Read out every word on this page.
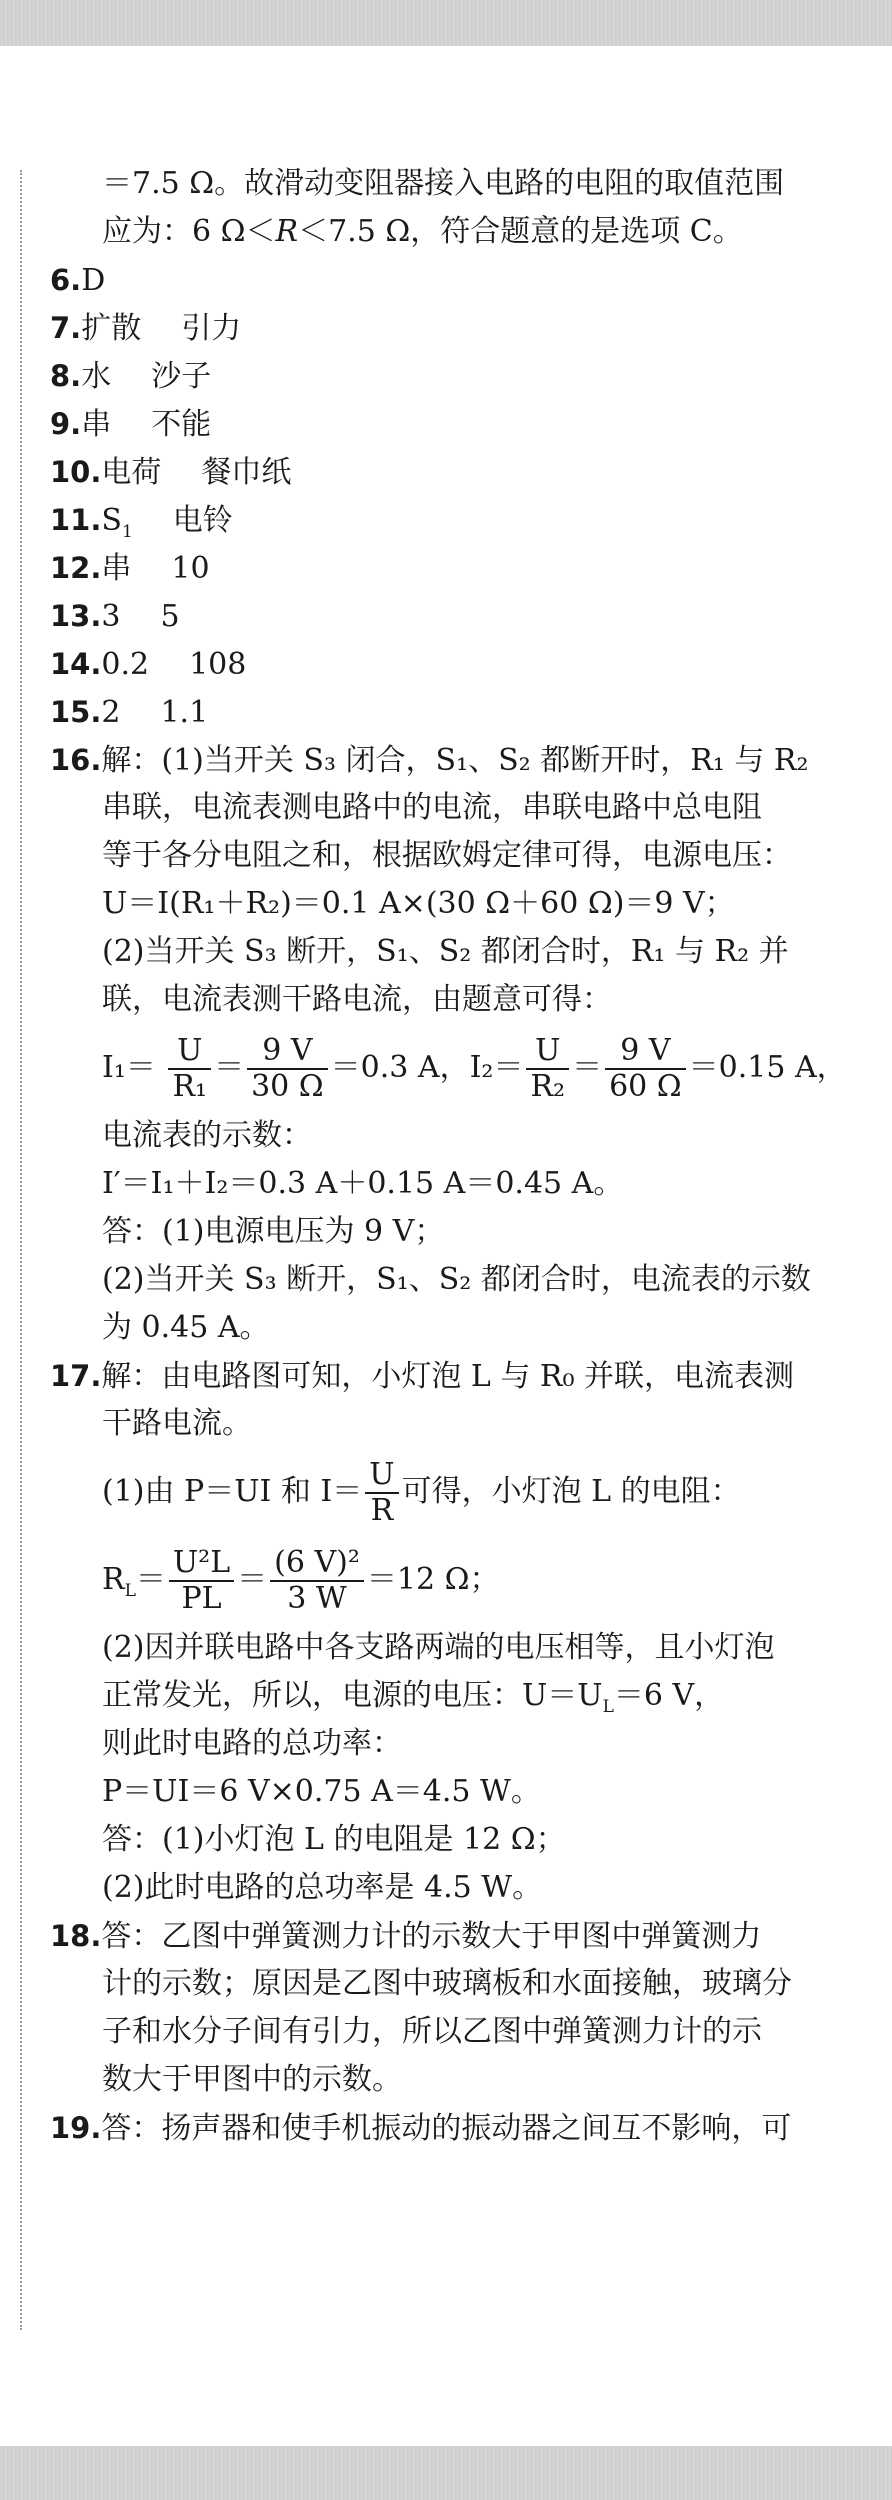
＝7.5 Ω。故滑动变阻器接入电路的电阻的取值范围
应为：6 Ω＜R＜7.5 Ω，符合题意的是选项 C。
6.D
7.扩散 引力
8.水 沙子
9.串 不能
10.电荷 餐巾纸
$11.S_1$ 电铃
12.串 10
13.3 5
14.0.2 108
15.2 1.1
16.解：(1)当开关 S₃ 闭合，S₁、S₂ 都断开时，R₁ 与 R₂
串联，电流表测电路中的电流，串联电路中总电阻
等于各分电阻之和，根据欧姆定律可得，电源电压：
U＝I(R₁＋R₂)＝0.1 A×(30 Ω＋60 Ω)＝9 V；
(2)当开关 S₃ 断开，S₁、S₂ 都闭合时，R₁ 与 R₂ 并
联，电流表测干路电流，由题意可得：
$I_1= \frac{U}{\text{R₁}} = \frac{9 V}{30 \Omega} =0.3$ A，$I_2= \frac{U}{\text{R₂}} = \frac{9 V}{60 \Omega} =0.15$ A，
电流表的示数：
I′＝I₁＋I₂＝0.3 A＋0.15 A＝0.45 A。
答：(1)电源电压为 9 V；
(2)当开关 S₃ 断开，S₁、S₂ 都闭合时，电流表的示数
为 0.45 A。
17.解：由电路图可知，小灯泡 L 与 R₀ 并联，电流表测
干路电流。
(1)由 P＝UI 和 $I= \frac{U}{R}$ 可得，小灯泡 L 的电阻：
$R_L= \frac{\text{U²L}}{PL} = \frac{\text{(6 V)²}}{3 W} =12$ Ω；
(2)因并联电路中各支路两端的电压相等，且小灯泡
正常发光，所以，电源的电压：$U=U_L=6$ V，
则此时电路的总功率：
P＝UI＝6 V×0.75 A＝4.5 W。
答：(1)小灯泡 L 的电阻是 12 Ω；
(2)此时电路的总功率是 4.5 W。
18.答：乙图中弹簧测力计的示数大于甲图中弹簧测力
计的示数；原因是乙图中玻璃板和水面接触，玻璃分
子和水分子间有引力，所以乙图中弹簧测力计的示
数大于甲图中的示数。
19.答：扬声器和使手机振动的振动器之间互不影响，可
